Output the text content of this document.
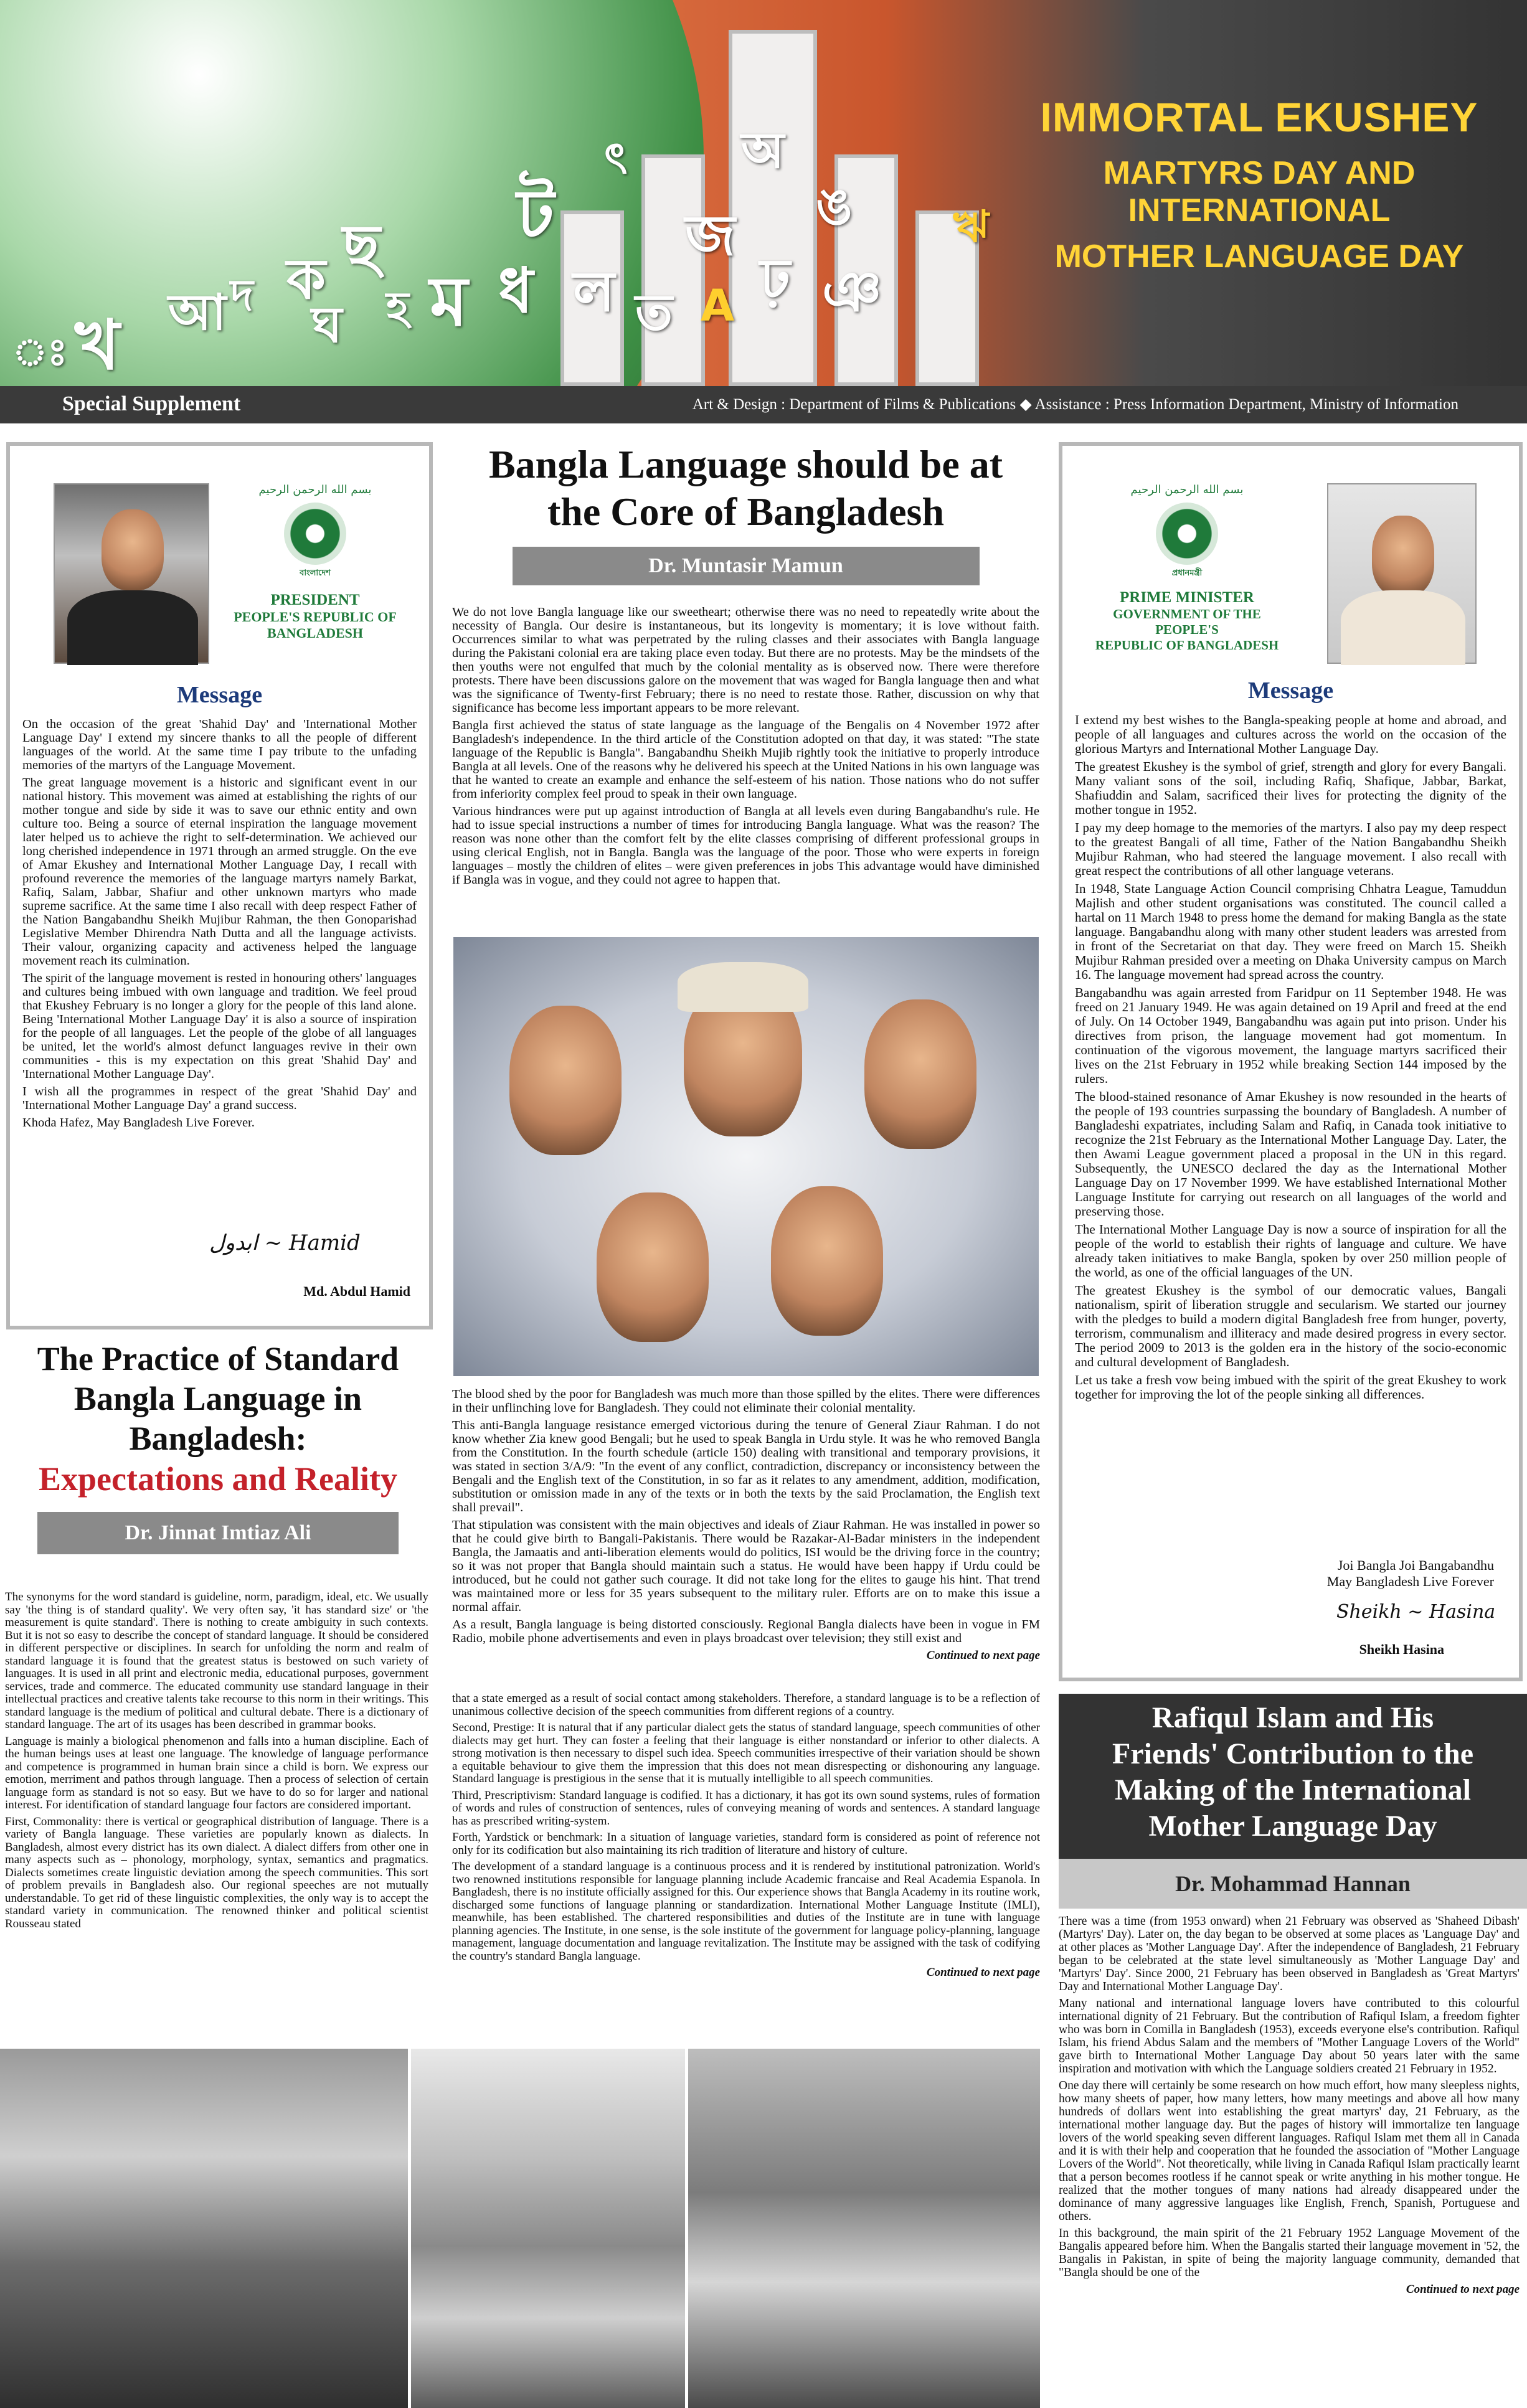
ঃ খ আ দ ক ছ
ঘ হ ম ধ ল
ট
ত A
জ
ঢ় ঞ
ঙ
অ
ঋ
ৎ
IMMORTAL EKUSHEY
MARTYRS DAY AND INTERNATIONAL
MOTHER LANGUAGE DAY
Special Supplement	Art & Design : Department of Films & Publications ◆ Assistance : Press Information Department, Ministry of Information
بسم الله الرحمن الرحيم
বাংলাদেশ
PRESIDENT
PEOPLE'S REPUBLIC OF
BANGLADESH
Message

On the occasion of the great 'Shahid Day' and 'International Mother Language Day' I extend my sincere thanks to all the people of different languages of the world. At the same time I pay tribute to the unfading memories of the martyrs of the Language Movement.

The great language movement is a historic and significant event in our national history. This movement was aimed at establishing the rights of our mother tongue and side by side it was to save our ethnic entity and own culture too. Being a source of eternal inspiration the language movement later helped us to achieve the right to self-determination. We achieved our long cherished independence in 1971 through an armed struggle. On the eve of Amar Ekushey and International Mother Language Day, I recall with profound reverence the memories of the language martyrs namely Barkat, Rafiq, Salam, Jabbar, Shafiur and other unknown martyrs who made supreme sacrifice. At the same time I also recall with deep respect Father of the Nation Bangabandhu Sheikh Mujibur Rahman, the then Gonoparishad Legislative Member Dhirendra Nath Dutta and all the language activists. Their valour, organizing capacity and activeness helped the language movement reach its culmination.

The spirit of the language movement is rested in honouring others' languages and cultures being imbued with own language and tradition. We feel proud that Ekushey February is no longer a glory for the people of this land alone. Being 'International Mother Language Day' it is also a source of inspiration for the people of all languages. Let the people of the globe of all languages be united, let the world's almost defunct languages revive in their own communities - this is my expectation on this great 'Shahid Day' and 'International Mother Language Day'.

I wish all the programmes in respect of the great 'Shahid Day' and 'International Mother Language Day' a grand success.

Khoda Hafez, May Bangladesh Live Forever.

ﺍﺑﺪﻭﻝ ~ Hamid
Md. Abdul Hamid
Bangla Language should be at
the Core of Bangladesh
Dr. Muntasir Mamun

We do not love Bangla language like our sweetheart; otherwise there was no need to repeatedly write about the necessity of Bangla. Our desire is instantaneous, but its longevity is momentary; it is love without faith. Occurrences similar to what was perpetrated by the ruling classes and their associates with Bangla language during the Pakistani colonial era are taking place even today. But there are no protests. May be the mindsets of the then youths were not engulfed that much by the colonial mentality as is observed now. There were therefore protests. There have been discussions galore on the movement that was waged for Bangla language then and what was the significance of Twenty-first February; there is no need to restate those. Rather, discussion on why that significance has become less important appears to be more relevant.

Bangla first achieved the status of state language as the language of the Bengalis on 4 November 1972 after Bangladesh's independence. In the third article of the Constitution adopted on that day, it was stated: "The state language of the Republic is Bangla". Bangabandhu Sheikh Mujib rightly took the initiative to properly introduce Bangla at all levels. One of the reasons why he delivered his speech at the United Nations in his own language was that he wanted to create an example and enhance the self-esteem of his nation. Those nations who do not suffer from inferiority complex feel proud to speak in their own language.

Various hindrances were put up against introduction of Bangla at all levels even during Bangabandhu's rule. He had to issue special instructions a number of times for introducing Bangla language. What was the reason? The reason was none other than the comfort felt by the elite classes comprising of different professional groups in using clerical English, not in Bangla. Bangla was the language of the poor. Those who were experts in foreign languages – mostly the children of elites – were given preferences in jobs This advantage would have diminished if Bangla was in vogue, and they could not agree to happen that.

The blood shed by the poor for Bangladesh was much more than those spilled by the elites. There were differences in their unflinching love for Bangladesh. They could not eliminate their colonial mentality.

This anti-Bangla language resistance emerged victorious during the tenure of General Ziaur Rahman. I do not know whether Zia knew good Bengali; but he used to speak Bangla in Urdu style. It was he who removed Bangla from the Constitution. In the fourth schedule (article 150) dealing with transitional and temporary provisions, it was stated in section 3/A/9: "In the event of any conflict, contradiction, discrepancy or inconsistency between the Bengali and the English text of the Constitution, in so far as it relates to any amendment, addition, modification, substitution or omission made in any of the texts or in both the texts by the said Proclamation, the English text shall prevail".

That stipulation was consistent with the main objectives and ideals of Ziaur Rahman. He was installed in power so that he could give birth to Bangali-Pakistanis. There would be Razakar-Al-Badar ministers in the independent Bangla, the Jamaatis and anti-liberation elements would do politics, ISI would be the driving force in the country; so it was not proper that Bangla should maintain such a status. He would have been happy if Urdu could be introduced, but he could not gather such courage. It did not take long for the elites to gauge his hint. That trend was maintained more or less for 35 years subsequent to the military ruler. Efforts are on to make this issue a normal affair.

As a result, Bangla language is being distorted consciously. Regional Bangla dialects have been in vogue in FM Radio, mobile phone advertisements and even in plays broadcast over television; they still exist and

Continued to next page
بسم الله الرحمن الرحيم
প্রধানমন্ত্রী
PRIME MINISTER
GOVERNMENT OF THE PEOPLE'S
REPUBLIC OF BANGLADESH
Message

I extend my best wishes to the Bangla-speaking people at home and abroad, and people of all languages and cultures across the world on the occasion of the glorious Martyrs and International Mother Language Day.

The greatest Ekushey is the symbol of grief, strength and glory for every Bangali. Many valiant sons of the soil, including Rafiq, Shafique, Jabbar, Barkat, Shafiuddin and Salam, sacrificed their lives for protecting the dignity of the mother tongue in 1952.

I pay my deep homage to the memories of the martyrs. I also pay my deep respect to the greatest Bangali of all time, Father of the Nation Bangabandhu Sheikh Mujibur Rahman, who had steered the language movement. I also recall with great respect the contributions of all other language veterans.

In 1948, State Language Action Council comprising Chhatra League, Tamuddun Majlish and other student organisations was constituted. The council called a hartal on 11 March 1948 to press home the demand for making Bangla as the state language. Bangabandhu along with many other student leaders was arrested from in front of the Secretariat on that day. They were freed on March 15. Sheikh Mujibur Rahman presided over a meeting on Dhaka University campus on March 16. The language movement had spread across the country.

Bangabandhu was again arrested from Faridpur on 11 September 1948. He was freed on 21 January 1949. He was again detained on 19 April and freed at the end of July. On 14 October 1949, Bangabandhu was again put into prison. Under his directives from prison, the language movement had got momentum. In continuation of the vigorous movement, the language martyrs sacrificed their lives on the 21st February in 1952 while breaking Section 144 imposed by the rulers.

The blood-stained resonance of Amar Ekushey is now resounded in the hearts of the people of 193 countries surpassing the boundary of Bangladesh. A number of Bangladeshi expatriates, including Salam and Rafiq, in Canada took initiative to recognize the 21st February as the International Mother Language Day. Later, the then Awami League government placed a proposal in the UN in this regard. Subsequently, the UNESCO declared the day as the International Mother Language Day on 17 November 1999. We have established International Mother Language Institute for carrying out research on all languages of the world and preserving those.

The International Mother Language Day is now a source of inspiration for all the people of the world to establish their rights of language and culture. We have already taken initiatives to make Bangla, spoken by over 250 million people of the world, as one of the official languages of the UN.

The greatest Ekushey is the symbol of our democratic values, Bangali nationalism, spirit of liberation struggle and secularism. We started our journey with the pledges to build a modern digital Bangladesh free from hunger, poverty, terrorism, communalism and illiteracy and made desired progress in every sector. The period 2009 to 2013 is the golden era in the history of the socio-economic and cultural development of Bangladesh.

Let us take a fresh vow being imbued with the spirit of the great Ekushey to work together for improving the lot of the people sinking all differences.

Joi Bangla Joi Bangabandhu
May Bangladesh Live Forever
Sheikh ~ Hasina
Sheikh Hasina
The Practice of Standard
Bangla Language in
Bangladesh:
Expectations and Reality
Dr. Jinnat Imtiaz Ali

The synonyms for the word standard is guideline, norm, paradigm, ideal, etc. We usually say 'the thing is of standard quality'. We very often say, 'it has standard size' or 'the measurement is quite standard'. There is nothing to create ambiguity in such contexts. But it is not so easy to describe the concept of standard language. It should be considered in different perspective or disciplines. In search for unfolding the norm and realm of standard language it is found that the greatest status is bestowed on such variety of languages. It is used in all print and electronic media, educational purposes, government services, trade and commerce. The educated community use standard language in their intellectual practices and creative talents take recourse to this norm in their writings. This standard language is the medium of political and cultural debate. There is a dictionary of standard language. The art of its usages has been described in grammar books.

Language is mainly a biological phenomenon and falls into a human discipline. Each of the human beings uses at least one language. The knowledge of language performance and competence is programmed in human brain since a child is born. We express our emotion, merriment and pathos through language. Then a process of selection of certain language form as standard is not so easy. But we have to do so for larger and national interest. For identification of standard language four factors are considered important.

First, Commonality: there is vertical or geographical distribution of language. There is a variety of Bangla language. These varieties are popularly known as dialects. In Bangladesh, almost every district has its own dialect. A dialect differs from other one in many aspects such as – phonology, morphology, syntax, semantics and pragmatics. Dialects sometimes create linguistic deviation among the speech communities. This sort of problem prevails in Bangladesh also. Our regional speeches are not mutually understandable. To get rid of these linguistic complexities, the only way is to accept the standard variety in communication. The renowned thinker and political scientist Rousseau stated

that a state emerged as a result of social contact among stakeholders. Therefore, a standard language is to be a reflection of unanimous collective decision of the speech communities from different regions of a country.

Second, Prestige: It is natural that if any particular dialect gets the status of standard language, speech communities of other dialects may get hurt. They can foster a feeling that their language is either nonstandard or inferior to other dialects. A strong motivation is then necessary to dispel such idea. Speech communities irrespective of their variation should be shown a equitable behaviour to give them the impression that this does not mean disrespecting or dishonouring any language. Standard language is prestigious in the sense that it is mutually intelligible to all speech communities.

Third, Prescriptivism: Standard language is codified. It has a dictionary, it has got its own sound systems, rules of formation of words and rules of construction of sentences, rules of conveying meaning of words and sentences. A standard language has as prescribed writing-system.

Forth, Yardstick or benchmark: In a situation of language varieties, standard form is considered as point of reference not only for its codification but also maintaining its rich tradition of literature and history of culture.

The development of a standard language is a continuous process and it is rendered by institutional patronization. World's two renowned institutions responsible for language planning include Academic francaise and Real Academia Espanola. In Bangladesh, there is no institute officially assigned for this. Our experience shows that Bangla Academy in its routine work, discharged some functions of language planning or standardization. International Mother Language Institute (IMLI), meanwhile, has been established. The chartered responsibilities and duties of the Institute are in tune with language planning agencies. The Institute, in one sense, is the sole institute of the government for language policy-planning, language management, language documentation and language revitalization. The Institute may be assigned with the task of codifying the country's standard Bangla language.

Continued to next page
Rafiqul Islam and His
Friends' Contribution to the
Making of the International
Mother Language Day
Dr. Mohammad Hannan

There was a time (from 1953 onward) when 21 February was observed as 'Shaheed Dibash' (Martyrs' Day). Later on, the day began to be observed at some places as 'Language Day' and at other places as 'Mother Language Day'. After the independence of Bangladesh, 21 February began to be celebrated at the state level simultaneously as 'Mother Language Day' and 'Martyrs' Day'. Since 2000, 21 February has been observed in Bangladesh as 'Great Martyrs' Day and International Mother Language Day'.

Many national and international language lovers have contributed to this colourful international dignity of 21 February. But the contribution of Rafiqul Islam, a freedom fighter who was born in Comilla in Bangladesh (1953), exceeds everyone else's contribution. Rafiqul Islam, his friend Abdus Salam and the members of "Mother Language Lovers of the World" gave birth to International Mother Language Day about 50 years later with the same inspiration and motivation with which the Language soldiers created 21 February in 1952.

One day there will certainly be some research on how much effort, how many sleepless nights, how many sheets of paper, how many letters, how many meetings and above all how many hundreds of dollars went into establishing the great martyrs' day, 21 February, as the international mother language day. But the pages of history will immortalize ten language lovers of the world speaking seven different languages. Rafiqul Islam met them all in Canada and it is with their help and cooperation that he founded the association of "Mother Language Lovers of the World". Not theoretically, while living in Canada Rafiqul Islam practically learnt that a person becomes rootless if he cannot speak or write anything in his mother tongue. He realized that the mother tongues of many nations had already disappeared under the dominance of many aggressive languages like English, French, Spanish, Portuguese and others.

In this background, the main spirit of the 21 February 1952 Language Movement of the Bangalis appeared before him. When the Bangalis started their language movement in '52, the Bangalis in Pakistan, in spite of being the majority language community, demanded that "Bangla should be one of the

Continued to next page
